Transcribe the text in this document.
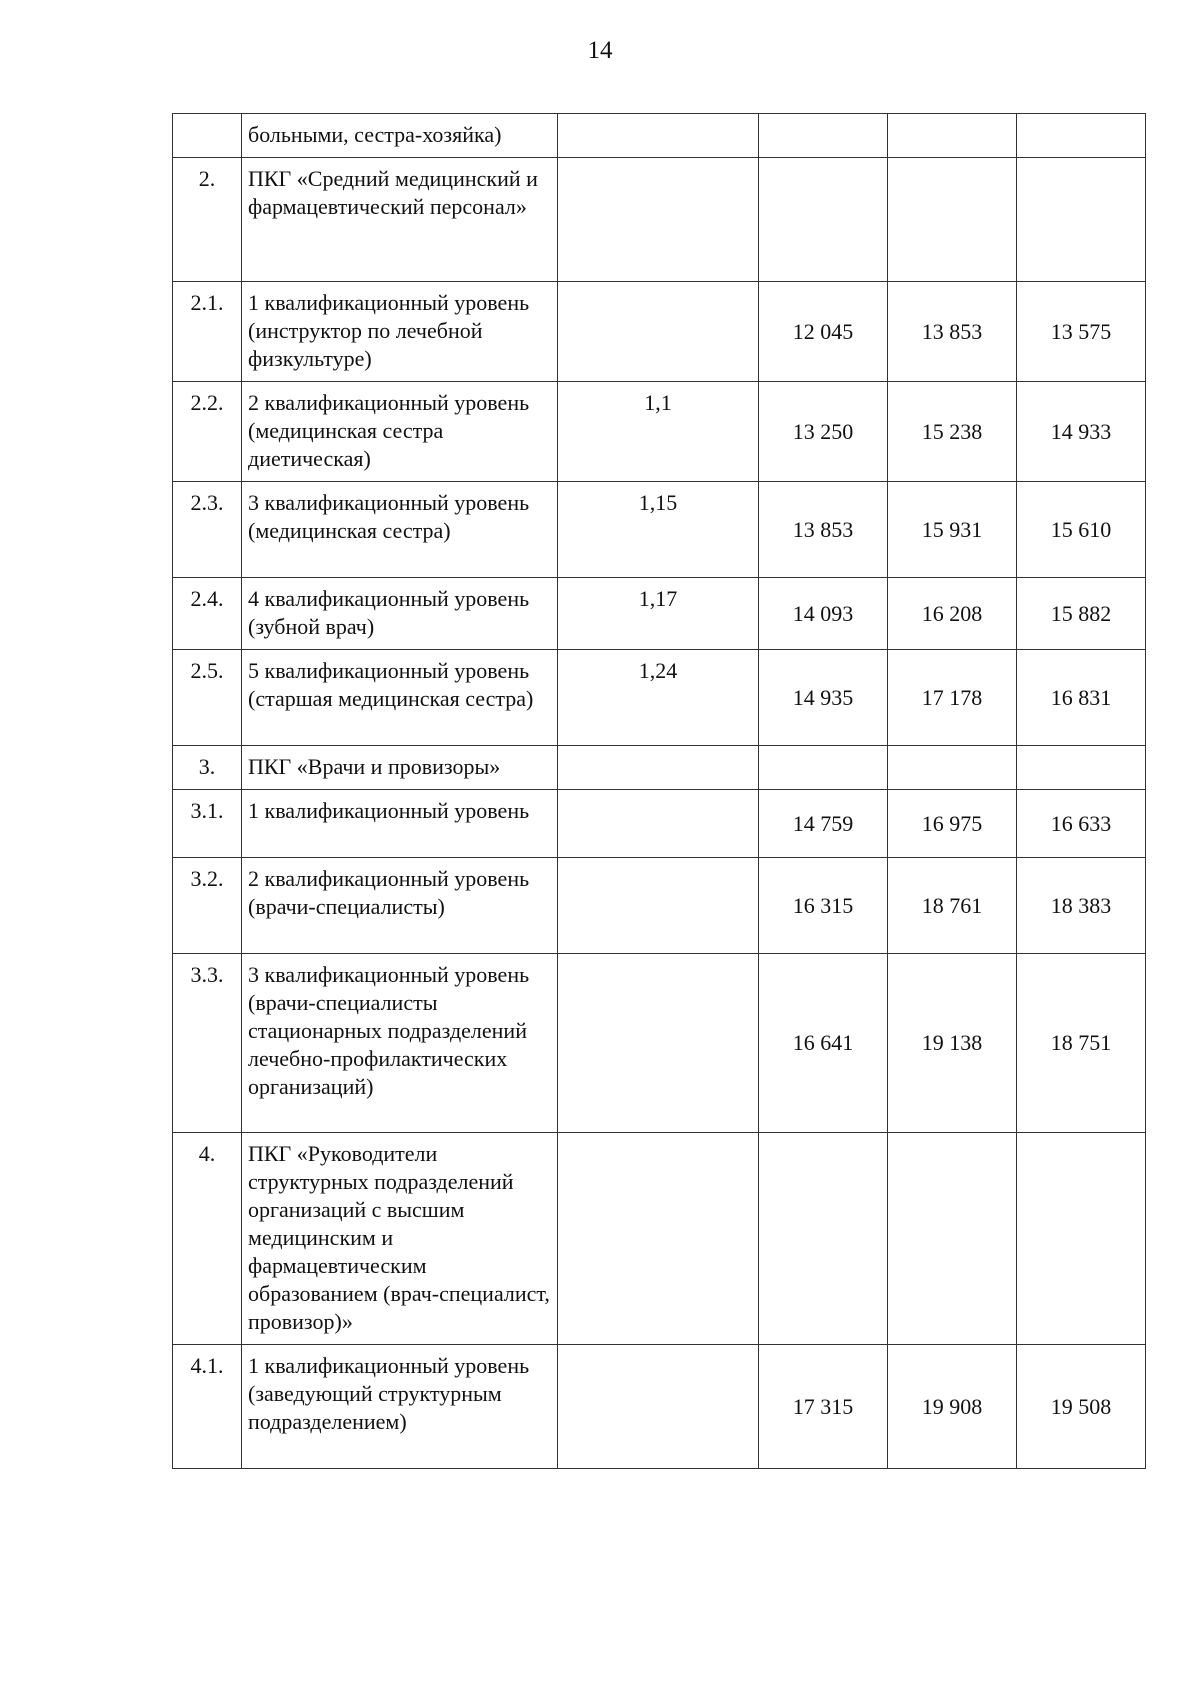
14
	больными, сестра-хозяйка)				
2.	ПКГ «Средний медицинский и фармацевтический персонал»				
2.1.	1 квалификационный уровень (инструктор по лечебной физкультуре)		12 045	13 853	13 575
2.2.	2 квалификационный уровень (медицинская сестра диетическая)	1,1	13 250	15 238	14 933
2.3.	3 квалификационный уровень (медицинская сестра)	1,15	13 853	15 931	15 610
2.4.	4 квалификационный уровень (зубной врач)	1,17	14 093	16 208	15 882
2.5.	5 квалификационный уровень (старшая медицинская сестра)	1,24	14 935	17 178	16 831
3.	ПКГ «Врачи и провизоры»				
3.1.	1 квалификационный уровень		14 759	16 975	16 633
3.2.	2 квалификационный уровень (врачи-специалисты)		16 315	18 761	18 383
3.3.	3 квалификационный уровень (врачи-специалисты стационарных подразделений лечебно-профилактических организаций)		16 641	19 138	18 751
4.	ПКГ «Руководители структурных подразделений организаций с высшим медицинским и фармацевтическим образованием (врач-специалист, провизор)»				
4.1.	1 квалификационный уровень (заведующий структурным подразделением)		17 315	19 908	19 508
